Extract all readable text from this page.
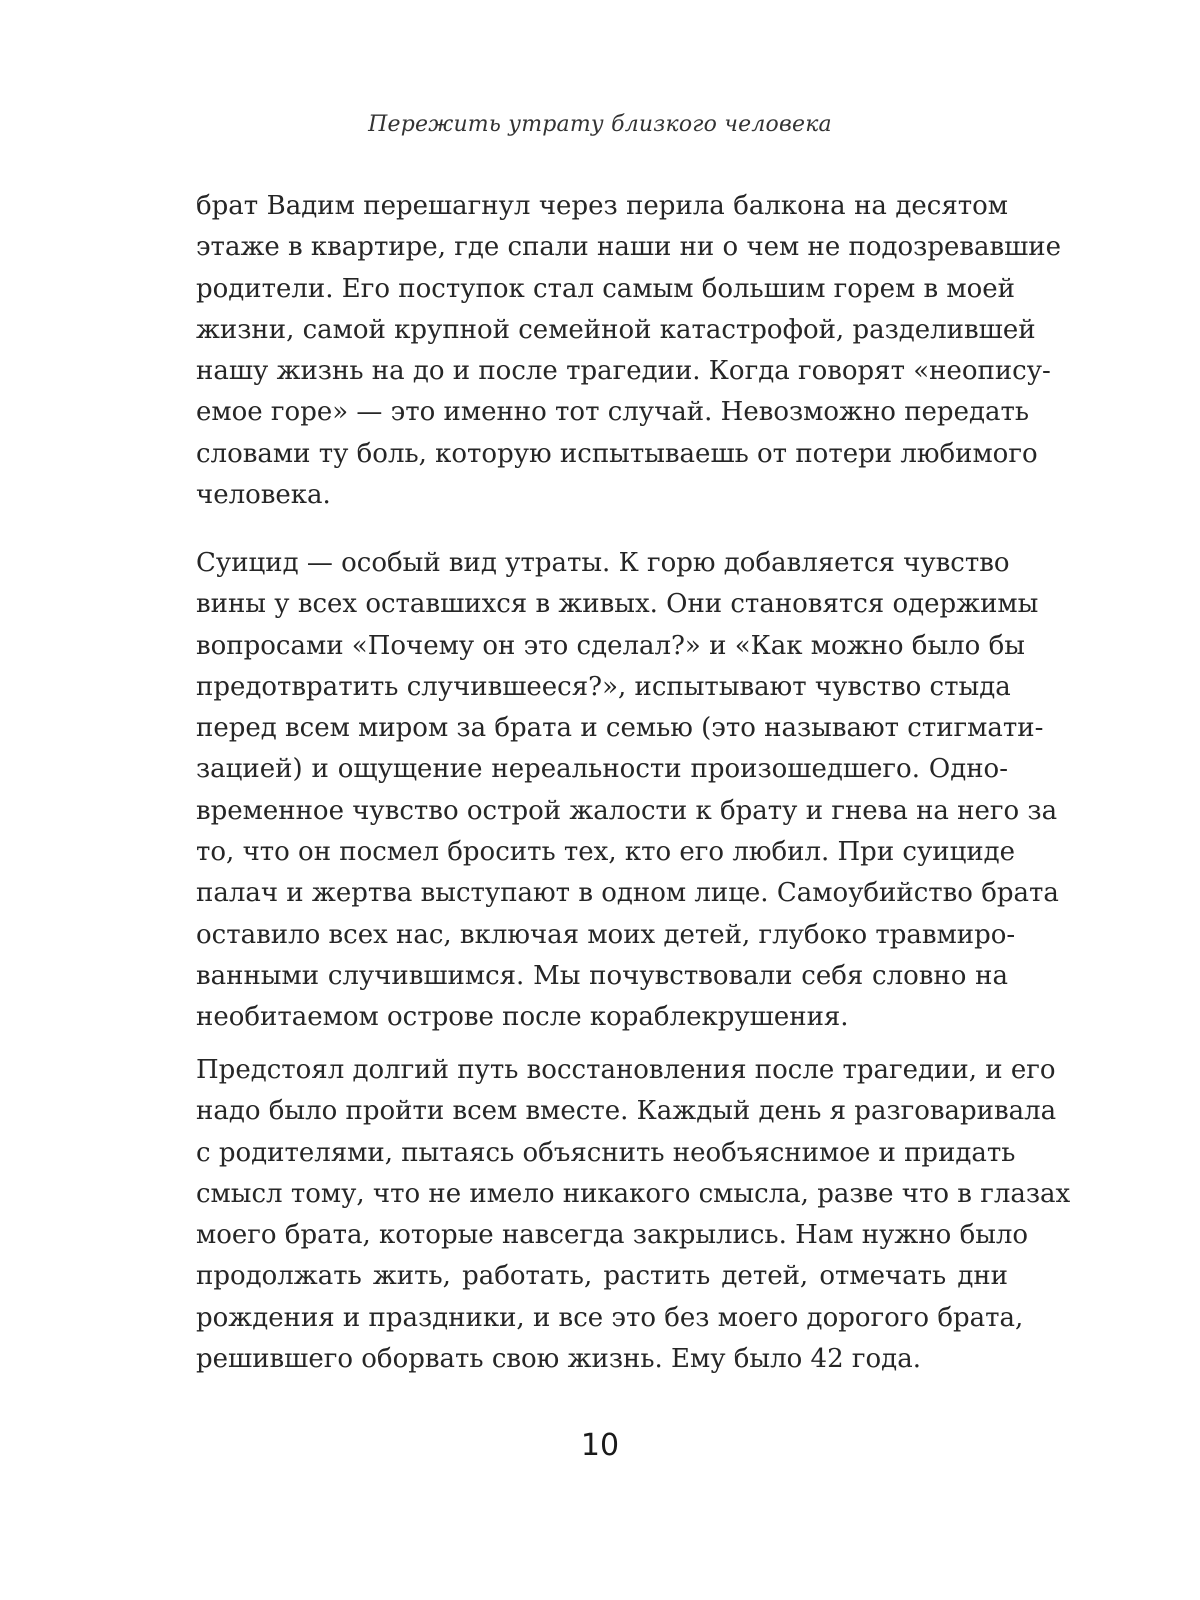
Пережить утрату близкого человека
брат Вадим перешагнул через перила балкона на десятом
этаже в квартире, где спали наши ни о чем не подозревавшие
родители. Его поступок стал самым большим горем в моей
жизни, самой крупной семейной катастрофой, разделившей
нашу жизнь на до и после трагедии. Когда говорят «неопису-
емое горе» — это именно тот случай. Невозможно передать
словами ту боль, которую испытываешь от потери любимого
человека.
Суицид — особый вид утраты. К горю добавляется чувство
вины у всех оставшихся в живых. Они становятся одержимы
вопросами «Почему он это сделал?» и «Как можно было бы
предотвратить случившееся?», испытывают чувство стыда
перед всем миром за брата и семью (это называют стигмати-
зацией) и ощущение нереальности произошедшего. Одно-
временное чувство острой жалости к брату и гнева на него за
то, что он посмел бросить тех, кто его любил. При суициде
палач и жертва выступают в одном лице. Самоубийство брата
оставило всех нас, включая моих детей, глубоко травмиро-
ванными случившимся. Мы почувствовали себя словно на
необитаемом острове после кораблекрушения.
Предстоял долгий путь восстановления после трагедии, и его
надо было пройти всем вместе. Каждый день я разговаривала
с родителями, пытаясь объяснить необъяснимое и придать
смысл тому, что не имело никакого смысла, разве что в глазах
моего брата, которые навсегда закрылись. Нам нужно было
продолжать жить, работать, растить детей, отмечать дни
рождения и праздники, и все это без моего дорогого брата,
решившего оборвать свою жизнь. Ему было 42 года.
10
